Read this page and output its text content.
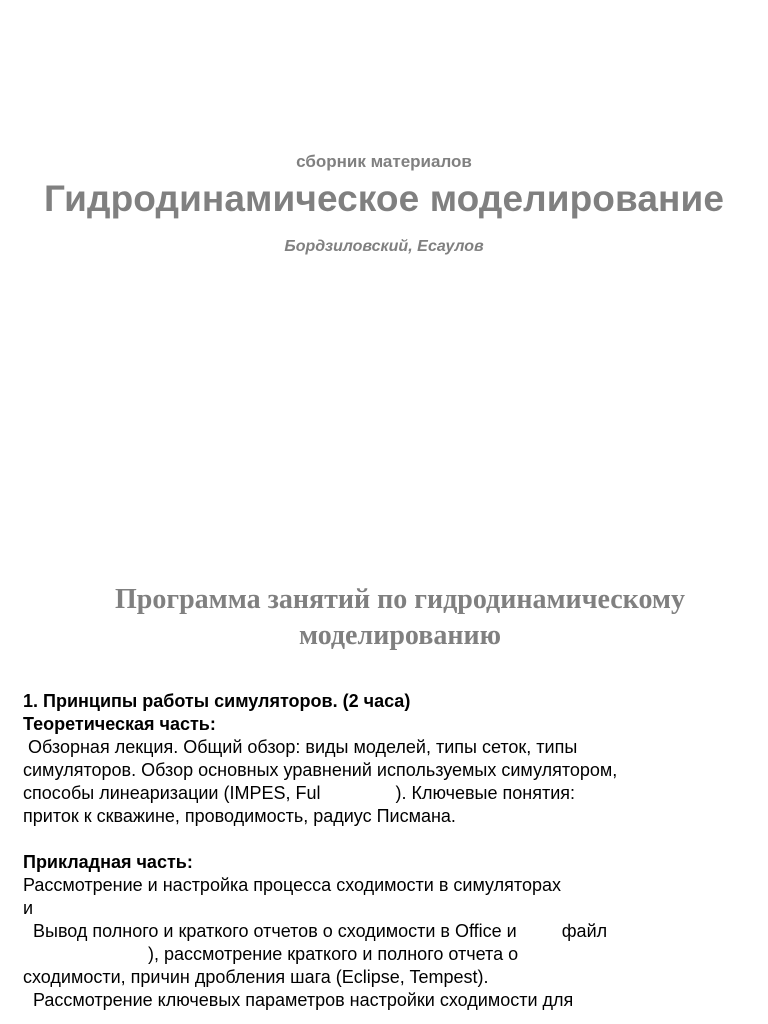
сборник материалов
Гидродинамическое моделирование
Бордзиловский, Есаулов
Программа занятий по гидродинамическому
моделированию
1. Принципы работы симуляторов. (2 часа)
Теоретическая часть:
Обзорная лекция. Общий обзор: виды моделей, типы сеток, типы
симуляторов. Обзор основных уравнений используемых симулятором,
способы линеаризации (IMPES, Ful               ). Ключевые понятия:
приток к скважине, проводимость, радиус Писмана.
Прикладная часть:
Рассмотрение и настройка процесса сходимости в симуляторах
и
Вывод полного и краткого отчетов о сходимости в Office и         файл
), рассмотрение краткого и полного отчета о
сходимости, причин дробления шага (Eclipse, Tempest).
Рассмотрение ключевых параметров настройки сходимости для
